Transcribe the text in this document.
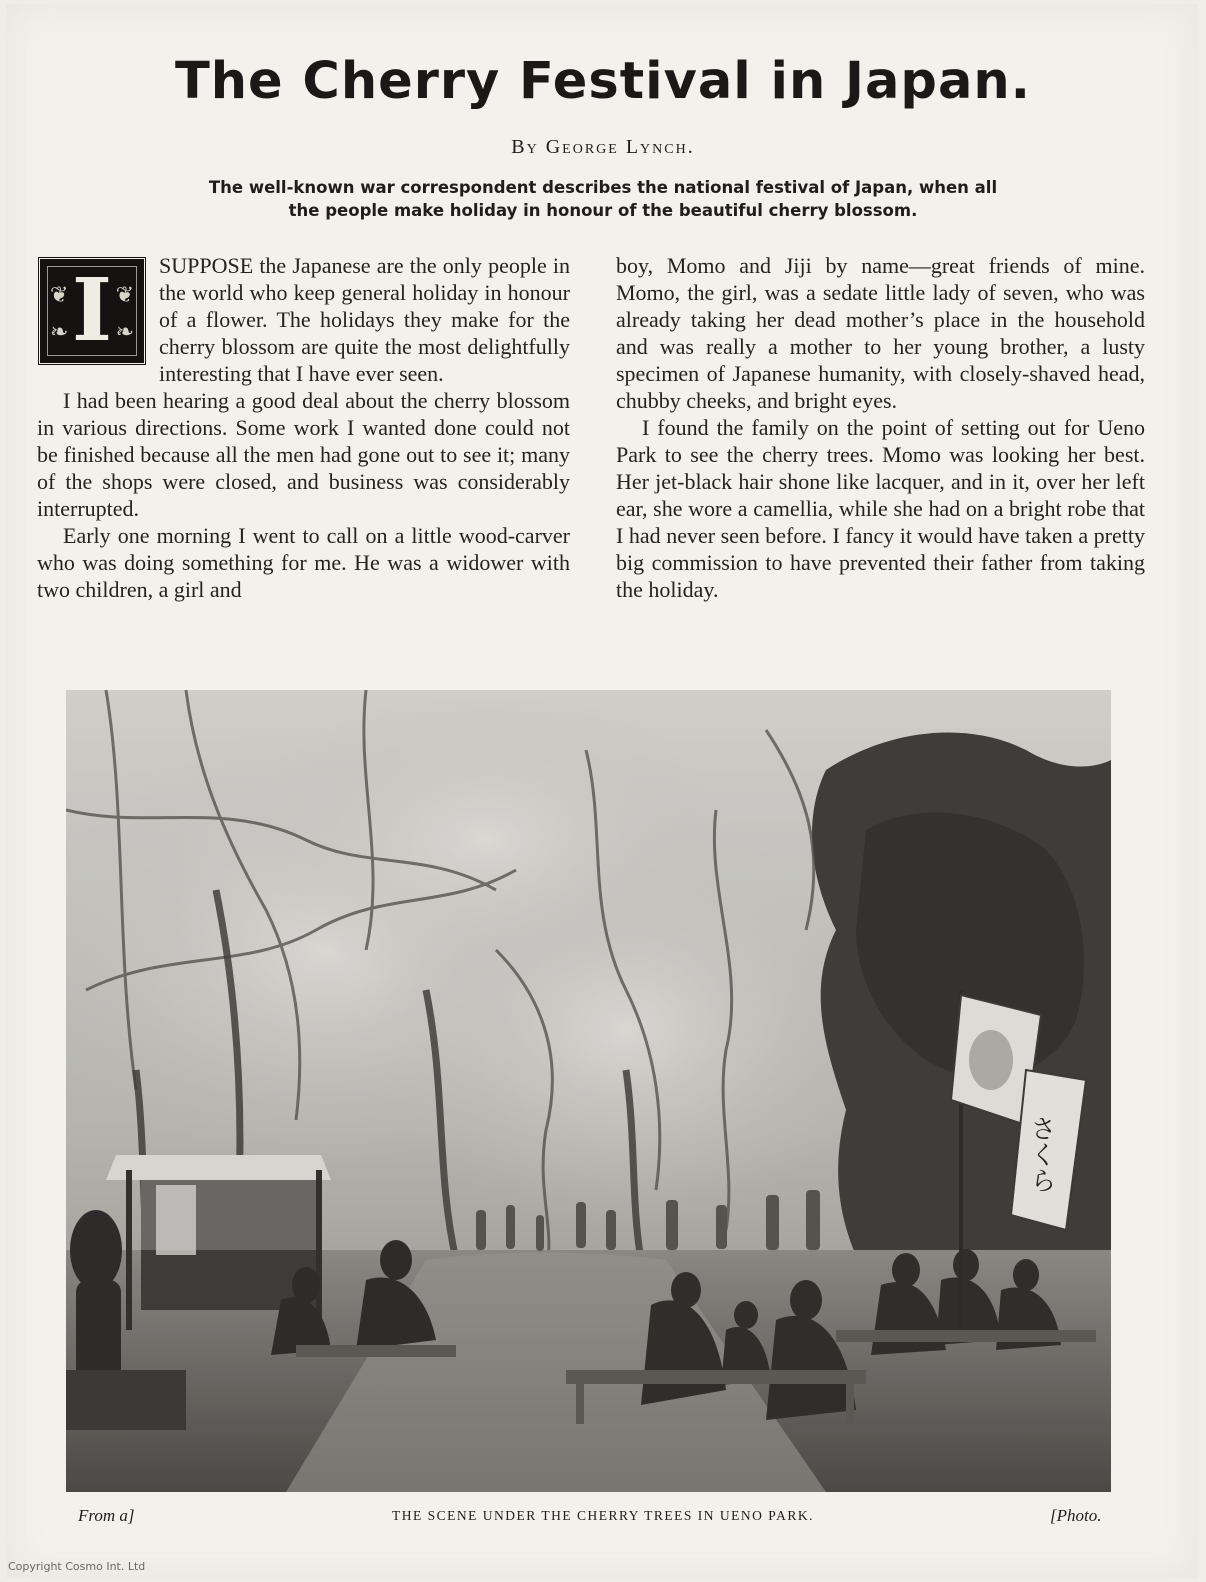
The Cherry Festival in Japan.
By George Lynch.
The well-known war correspondent describes the national festival of Japan, when all
the people make holiday in honour of the beautiful cherry blossom.
❦ ❦
❧ ❧
I	SUPPOSE the Japanese are the only people in the world who keep general holiday in honour of a flower. The holidays they make for the cherry blossom are quite the most delightfully interesting that I have ever seen.

I had been hearing a good deal about the cherry blossom in various directions. Some work I wanted done could not be finished because all the men had gone out to see it; many of the shops were closed, and business was considerably interrupted.

Early one morning I went to call on a little wood-carver who was doing something for me. He was a widower with two children, a girl and

boy, Momo and Jiji by name—great friends of mine. Momo, the girl, was a sedate little lady of seven, who was already taking her dead mother’s place in the household and was really a mother to her young brother, a lusty specimen of Japanese humanity, with closely-shaved head, chubby cheeks, and bright eyes.

I found the family on the point of setting out for Ueno Park to see the cherry trees. Momo was looking her best. Her jet-black hair shone like lacquer, and in it, over her left ear, she wore a camellia, while she had on a bright robe that I had never seen before. I fancy it would have taken a pretty big commission to have prevented their father from taking the holiday.

さくら
From a]	THE SCENE UNDER THE CHERRY TREES IN UENO PARK.	[Photo.
Copyright Cosmo Int. Ltd
